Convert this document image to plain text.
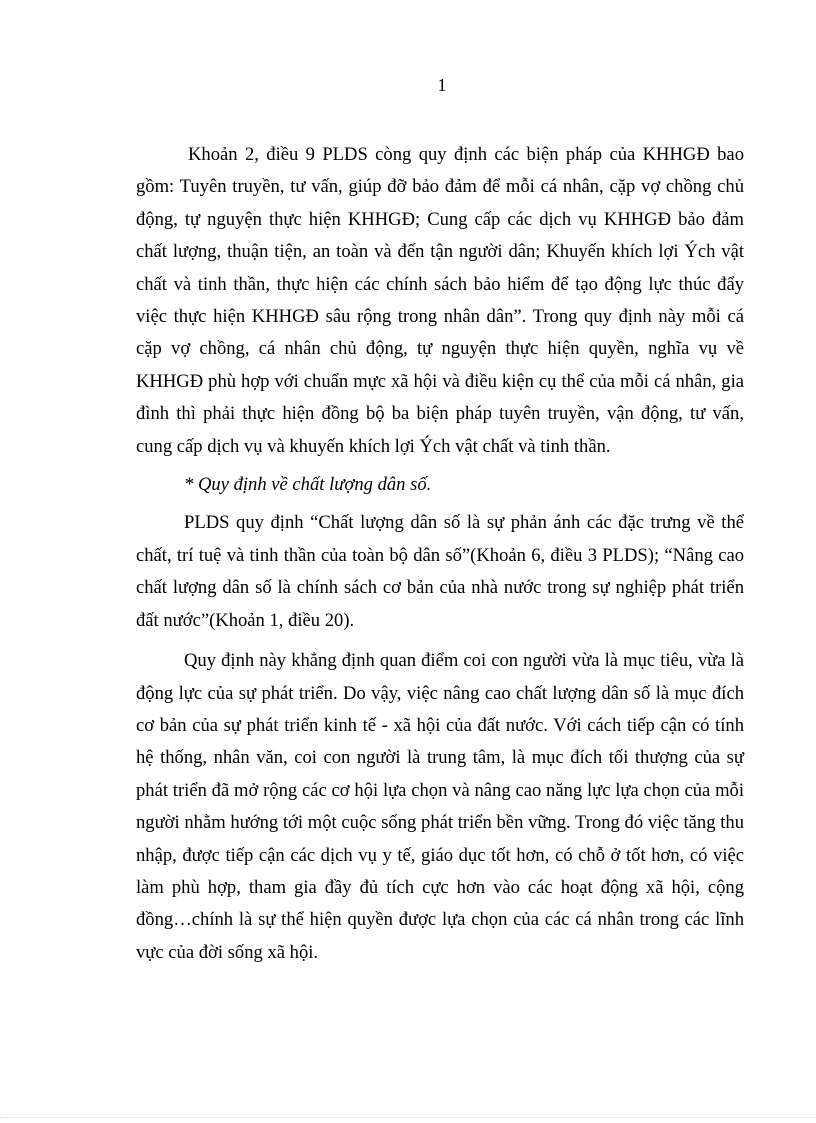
1

Khoản 2, điều 9 PLDS còng quy định các biện pháp của KHHGĐ bao gồm: Tuyên truyền, tư vấn, giúp đỡ bảo đảm để mỗi cá nhân, cặp vợ chồng chủ động, tự nguyện thực hiện KHHGĐ; Cung cấp các dịch vụ KHHGĐ bảo đảm chất lượng, thuận tiện, an toàn và đến tận người dân; Khuyến khích lợi Ých vật chất và tinh thần, thực hiện các chính sách bảo hiểm để tạo động lực thúc đẩy việc thực hiện KHHGĐ sâu rộng trong nhân dân”. Trong quy định này mỗi cá cặp vợ chồng, cá nhân chủ động, tự nguyện thực hiện quyền, nghĩa vụ về KHHGĐ phù hợp với chuẩn mực xã hội và điều kiện cụ thể của mỗi cá nhân, gia đình thì phải thực hiện đồng bộ ba biện pháp tuyên truyền, vận động, tư vấn, cung cấp dịch vụ và khuyến khích lợi Ých vật chất và tinh thần.

* Quy định về chất lượng dân số.

PLDS quy định “Chất lượng dân số là sự phản ánh các đặc trưng về thể chất, trí tuệ và tinh thần của toàn bộ dân số”(Khoản 6, điều 3 PLDS); “Nâng cao chất lượng dân số là chính sách cơ bản của nhà nước trong sự nghiệp phát triển đất nước”(Khoản 1, điều 20).

Quy định này khẳng định quan điểm coi con người vừa là mục tiêu, vừa là động lực của sự phát triển. Do vậy, việc nâng cao chất lượng dân số là mục đích cơ bản của sự phát triển kinh tế - xã hội của đất nước. Với cách tiếp cận có tính hệ thống, nhân văn, coi con người là trung tâm, là mục đích tối thượng của sự phát triển đã mở rộng các cơ hội lựa chọn và nâng cao năng lực lựa chọn của mỗi người nhằm hướng tới một cuộc sống phát triển bền vững. Trong đó việc tăng thu nhập, được tiếp cận các dịch vụ y tế, giáo dục tốt hơn, có chỗ ở tốt hơn, có việc làm phù hợp, tham gia đầy đủ tích cực hơn vào các hoạt động xã hội, cộng đồng…chính là sự thể hiện quyền được lựa chọn của các cá nhân trong các lĩnh vực của đời sống xã hội.
